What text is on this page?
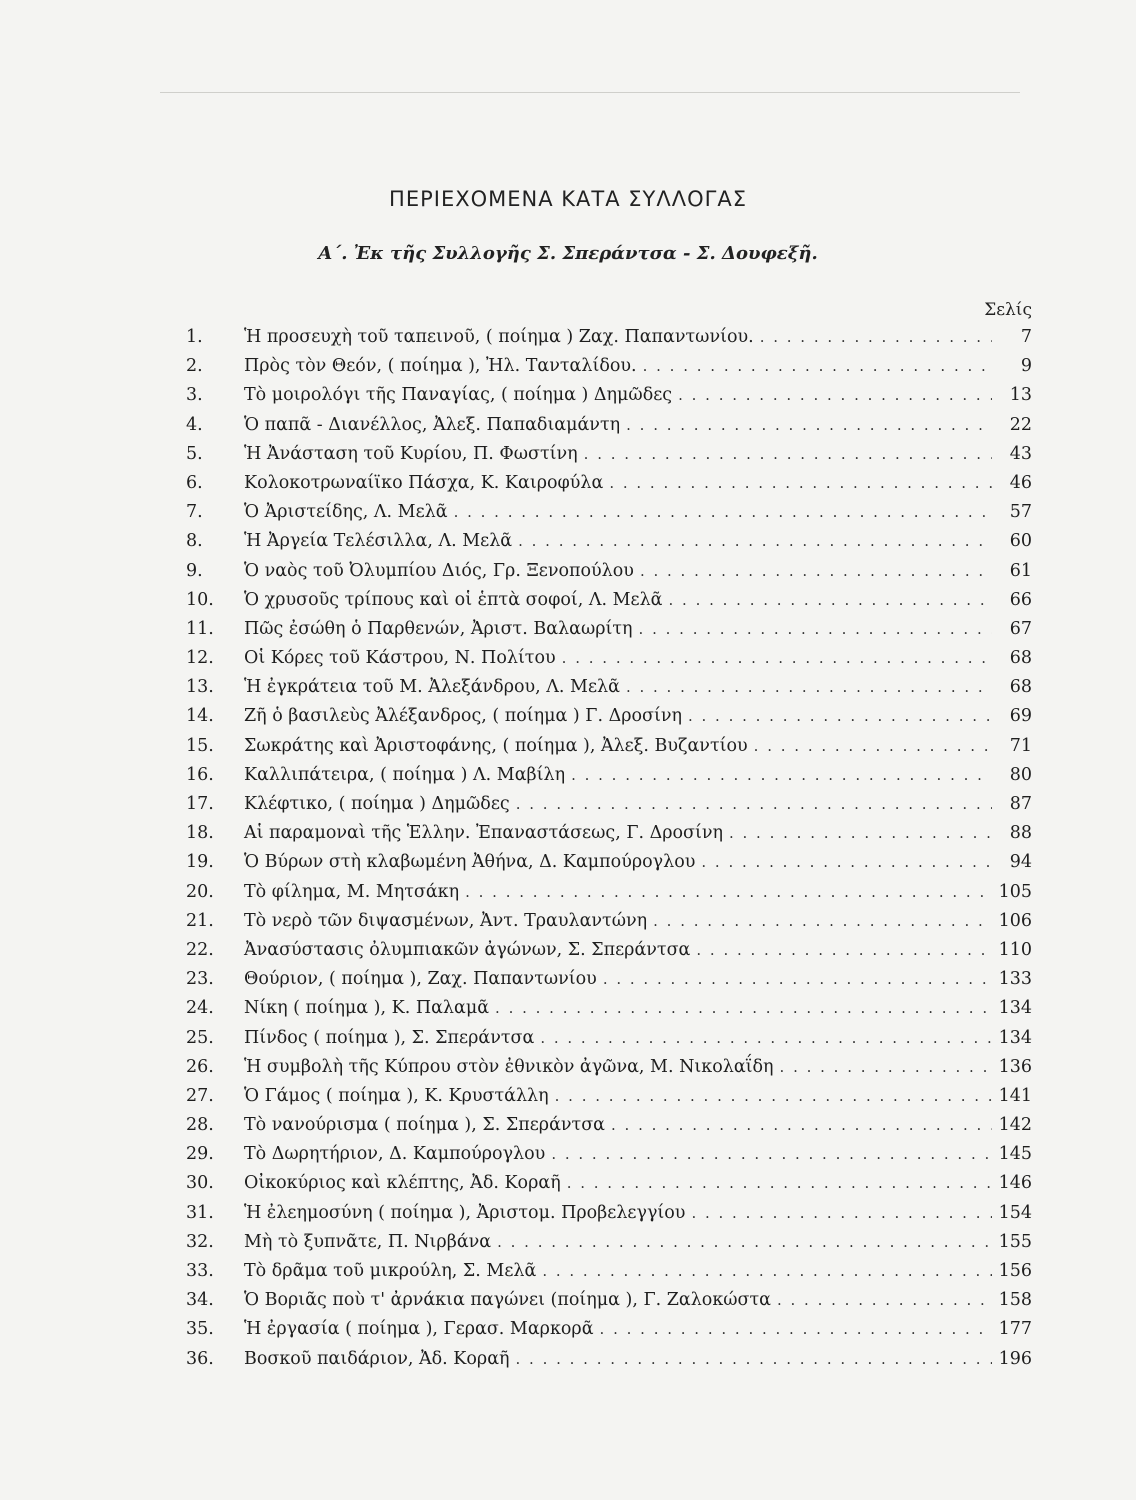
ΠΕΡΙΕΧΟΜΕΝΑ ΚΑΤΑ ΣΥΛΛΟΓΑΣ
Α΄. Ἐκ τῆς Συλλογῆς Σ. Σπεράντσα - Σ. Δουφεξῆ.
Σελίς
1.	Ἡ προσευχὴ τοῦ ταπεινοῦ, ( ποίημα ) Ζαχ. Παπαντωνίου. . . .	7
2.	Πρὸς τὸν Θεόν, ( ποίημα ), Ἠλ. Τανταλίδου. . . .	9
3.	Τὸ μοιρολόγι τῆς Παναγίας, ( ποίημα ) Δημῶδες . . .	13
4.	Ὁ παπᾶ - Διανέλλος, Ἀλεξ. Παπαδιαμάντη . . .	22
5.	Ἡ Ἀνάσταση τοῦ Κυρίου, Π. Φωστίνη . . .	43
6.	Κολοκοτρωναίϊκο Πάσχα, Κ. Καιροφύλα . . .	46
7.	Ὁ Ἀριστείδης, Λ. Μελᾶ . . .	57
8.	Ἡ Ἀργεία Τελέσιλλα, Λ. Μελᾶ . . .	60
9.	Ὁ ναὸς τοῦ Ὀλυμπίου Διός, Γρ. Ξενοπούλου . . .	61
10.	Ὁ χρυσοῦς τρίπους καὶ οἱ ἑπτὰ σοφοί, Λ. Μελᾶ . . .	66
11.	Πῶς ἐσώθη ὁ Παρθενών, Ἀριστ. Βαλαωρίτη . . .	67
12.	Οἱ Κόρες τοῦ Κάστρου, Ν. Πολίτου . . .	68
13.	Ἡ ἐγκράτεια τοῦ Μ. Ἀλεξάνδρου, Λ. Μελᾶ . . .	68
14.	Ζῆ ὁ βασιλεὺς Ἀλέξανδρος, ( ποίημα ) Γ. Δροσίνη . . .	69
15.	Σωκράτης καὶ Ἀριστοφάνης, ( ποίημα ), Ἀλεξ. Βυζαντίου . . .	71
16.	Καλλιπάτειρα, ( ποίημα ) Λ. Μαβίλη . . .	80
17.	Κλέφτικο, ( ποίημα ) Δημῶδες . . .	87
18.	Αἱ παραμοναὶ τῆς Ἑλλην. Ἐπαναστάσεως, Γ. Δροσίνη . . .	88
19.	Ὁ Βύρων στὴ κλαβωμένη Ἀθήνα, Δ. Καμπούρογλου . . .	94
20.	Τὸ φίλημα, Μ. Μητσάκη . . .	105
21.	Τὸ νερὸ τῶν διψασμένων, Ἀντ. Τραυλαντώνη . . .	106
22.	Ἀνασύστασις ὀλυμπιακῶν ἀγώνων, Σ. Σπεράντσα . . .	110
23.	Θούριον, ( ποίημα ), Ζαχ. Παπαντωνίου . . .	133
24.	Νίκη ( ποίημα ), Κ. Παλαμᾶ . . .	134
25.	Πίνδος ( ποίημα ), Σ. Σπεράντσα . . .	134
26.	Ἡ συμβολὴ τῆς Κύπρου στὸν ἐθνικὸν ἀγῶνα, Μ. Νικολαΐδη . . .	136
27.	Ὁ Γάμος ( ποίημα ), Κ. Κρυστάλλη . . .	141
28.	Τὸ νανούρισμα ( ποίημα ), Σ. Σπεράντσα . . .	142
29.	Τὸ Δωρητήριον, Δ. Καμπούρογλου . . .	145
30.	Οἰκοκύριος καὶ κλέπτης, Ἀδ. Κοραῆ . . .	146
31.	Ἡ ἐλεημοσύνη ( ποίημα ), Ἀριστομ. Προβελεγγίου . . .	154
32.	Μὴ τὸ ξυπνᾶτε, Π. Νιρβάνα . . .	155
33.	Τὸ δρᾶμα τοῦ μικρούλη, Σ. Μελᾶ . . .	156
34.	Ὁ Βοριᾶς ποὺ τ' ἀρνάκια παγώνει (ποίημα ), Γ. Ζαλοκώστα . . .	158
35.	Ἡ ἐργασία ( ποίημα ), Γερασ. Μαρκορᾶ . . .	177
36.	Βοσκοῦ παιδάριον, Ἀδ. Κοραῆ . . .	196
